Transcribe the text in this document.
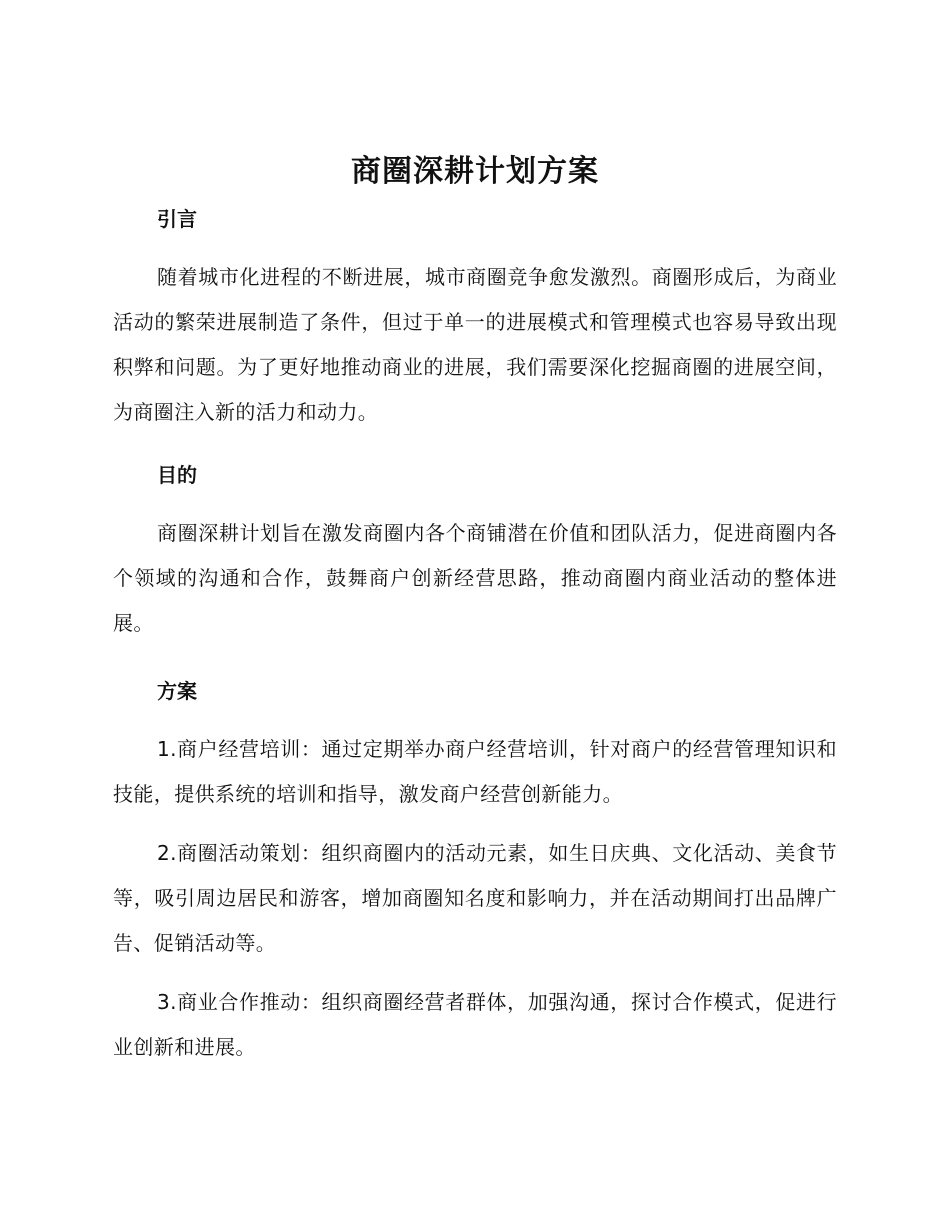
商圈深耕计划方案
引言

随着城市化进程的不断进展，城市商圈竞争愈发激烈。商圈形成后，为商业活动的繁荣进展制造了条件，但过于单一的进展模式和管理模式也容易导致出现积弊和问题。为了更好地推动商业的进展，我们需要深化挖掘商圈的进展空间，为商圈注入新的活力和动力。

目的

商圈深耕计划旨在激发商圈内各个商铺潜在价值和团队活力，促进商圈内各个领域的沟通和合作，鼓舞商户创新经营思路，推动商圈内商业活动的整体进展。

方案

1.商户经营培训：通过定期举办商户经营培训，针对商户的经营管理知识和技能，提供系统的培训和指导，激发商户经营创新能力。

2.商圈活动策划：组织商圈内的活动元素，如生日庆典、文化活动、美食节等，吸引周边居民和游客，增加商圈知名度和影响力，并在活动期间打出品牌广告、促销活动等。

3.商业合作推动：组织商圈经营者群体，加强沟通，探讨合作模式，促进行业创新和进展。
